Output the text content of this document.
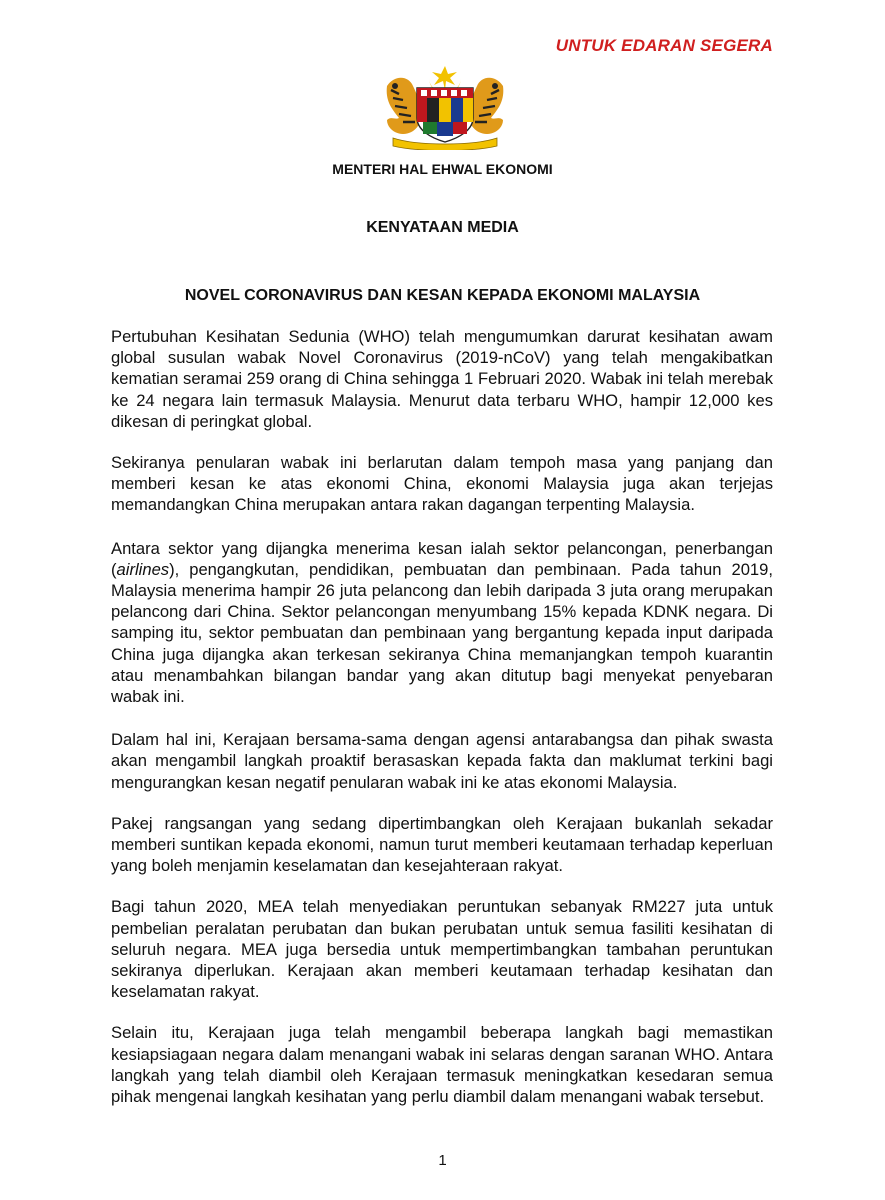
UNTUK EDARAN SEGERA
MENTERI HAL EHWAL EKONOMI
KENYATAAN MEDIA
NOVEL CORONAVIRUS DAN KESAN KEPADA EKONOMI MALAYSIA

Pertubuhan Kesihatan Sedunia (WHO) telah mengumumkan darurat kesihatan awam global susulan wabak Novel Coronavirus (2019-nCoV) yang telah mengakibatkan kematian seramai 259 orang di China sehingga 1 Februari 2020. Wabak ini telah merebak ke 24 negara lain termasuk Malaysia. Menurut data terbaru WHO, hampir 12,000 kes dikesan di peringkat global.

Sekiranya penularan wabak ini berlarutan dalam tempoh masa yang panjang dan memberi kesan ke atas ekonomi China, ekonomi Malaysia juga akan terjejas memandangkan China merupakan antara rakan dagangan terpenting Malaysia.

Antara sektor yang dijangka menerima kesan ialah sektor pelancongan, penerbangan (airlines), pengangkutan, pendidikan, pembuatan dan pembinaan. Pada tahun 2019, Malaysia menerima hampir 26 juta pelancong dan lebih daripada 3 juta orang merupakan pelancong dari China. Sektor pelancongan menyumbang 15% kepada KDNK negara. Di samping itu, sektor pembuatan dan pembinaan yang bergantung kepada input daripada China juga dijangka akan terkesan sekiranya China memanjangkan tempoh kuarantin atau menambahkan bilangan bandar yang akan ditutup bagi menyekat penyebaran wabak ini.

Dalam hal ini, Kerajaan bersama-sama dengan agensi antarabangsa dan pihak swasta akan mengambil langkah proaktif berasaskan kepada fakta dan maklumat terkini bagi mengurangkan kesan negatif penularan wabak ini ke atas ekonomi Malaysia.

Pakej rangsangan yang sedang dipertimbangkan oleh Kerajaan bukanlah sekadar memberi suntikan kepada ekonomi, namun turut memberi keutamaan terhadap keperluan yang boleh menjamin keselamatan dan kesejahteraan rakyat.

Bagi tahun 2020, MEA telah menyediakan peruntukan sebanyak RM227 juta untuk pembelian peralatan perubatan dan bukan perubatan untuk semua fasiliti kesihatan di seluruh negara. MEA juga bersedia untuk mempertimbangkan tambahan peruntukan sekiranya diperlukan. Kerajaan akan memberi keutamaan terhadap kesihatan dan keselamatan rakyat.

Selain itu, Kerajaan juga telah mengambil beberapa langkah bagi memastikan kesiapsiagaan negara dalam menangani wabak ini selaras dengan saranan WHO. Antara langkah yang telah diambil oleh Kerajaan termasuk meningkatkan kesedaran semua pihak mengenai langkah kesihatan yang perlu diambil dalam menangani wabak tersebut.

1
